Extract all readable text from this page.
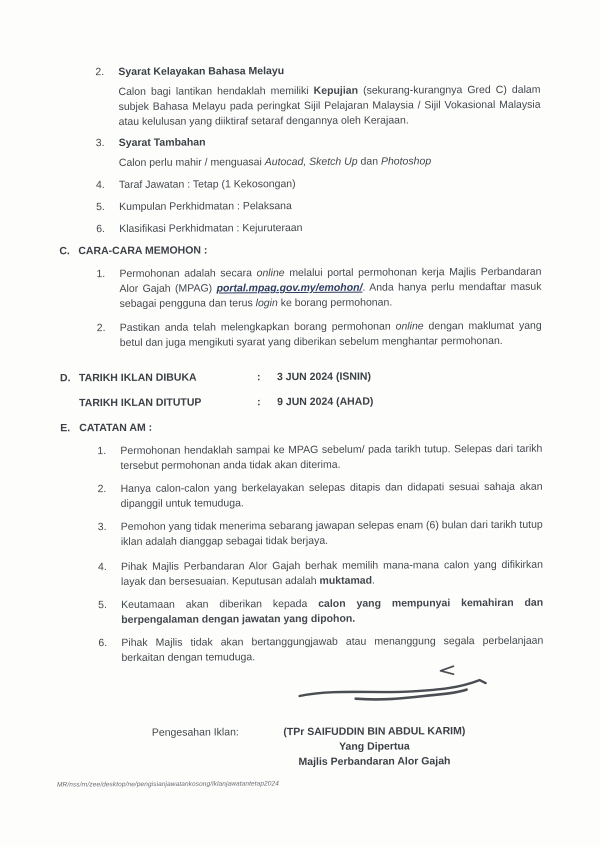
2.	Syarat Kelayakan Bahasa Melayu

Calon bagi lantikan hendaklah memiliki Kepujian (sekurang-kurangnya Gred C) dalam subjek Bahasa Melayu pada peringkat Sijil Pelajaran Malaysia / Sijil Vokasional Malaysia atau kelulusan yang diiktiraf setaraf dengannya oleh Kerajaan.

3.	Syarat Tambahan

Calon perlu mahir / menguasai Autocad, Sketch Up dan Photoshop

4.	Taraf Jawatan : Tetap (1 Kekosongan)

5.	Kumpulan Perkhidmatan : Pelaksana

6.	Klasifikasi Perkhidmatan : Kejuruteraan

C. CARA-CARA MEMOHON :
1.	Permohonan adalah secara online melalui portal permohonan kerja Majlis Perbandaran Alor Gajah (MPAG) portal.mpag.gov.my/emohon/. Anda hanya perlu mendaftar masuk sebagai pengguna dan terus login ke borang permohonan.

2.	Pastikan anda telah melengkapkan borang permohonan online dengan maklumat yang betul dan juga mengikuti syarat yang diberikan sebelum menghantar permohonan.

D. TARIKH IKLAN DIBUKA	:	3 JUN 2024 (ISNIN)
TARIKH IKLAN DITUTUP	:	9 JUN 2024 (AHAD)
E. CATATAN AM :
1.	Permohonan hendaklah sampai ke MPAG sebelum/ pada tarikh tutup. Selepas dari tarikh tersebut permohonan anda tidak akan diterima.

2.	Hanya calon-calon yang berkelayakan selepas ditapis dan didapati sesuai sahaja akan dipanggil untuk temuduga.

3.	Pemohon yang tidak menerima sebarang jawapan selepas enam (6) bulan dari tarikh tutup iklan adalah dianggap sebagai tidak berjaya.

4.	Pihak Majlis Perbandaran Alor Gajah berhak memilih mana-mana calon yang difikirkan layak dan bersesuaian. Keputusan adalah muktamad.

5.	Keutamaan akan diberikan kepada calon yang mempunyai kemahiran dan berpengalaman dengan jawatan yang dipohon.

6.	Pihak Majlis tidak akan bertanggungjawab atau menanggung segala perbelanjaan berkaitan dengan temuduga.

Pengesahan Iklan:	(TPr SAIFUDDIN BIN ABDUL KARIM)
Yang Dipertua
Majlis Perbandaran Alor Gajah
MR/nss/rn/zee/desktop/ne/pengisianjawatankosong/iklanjawatantetap2024
